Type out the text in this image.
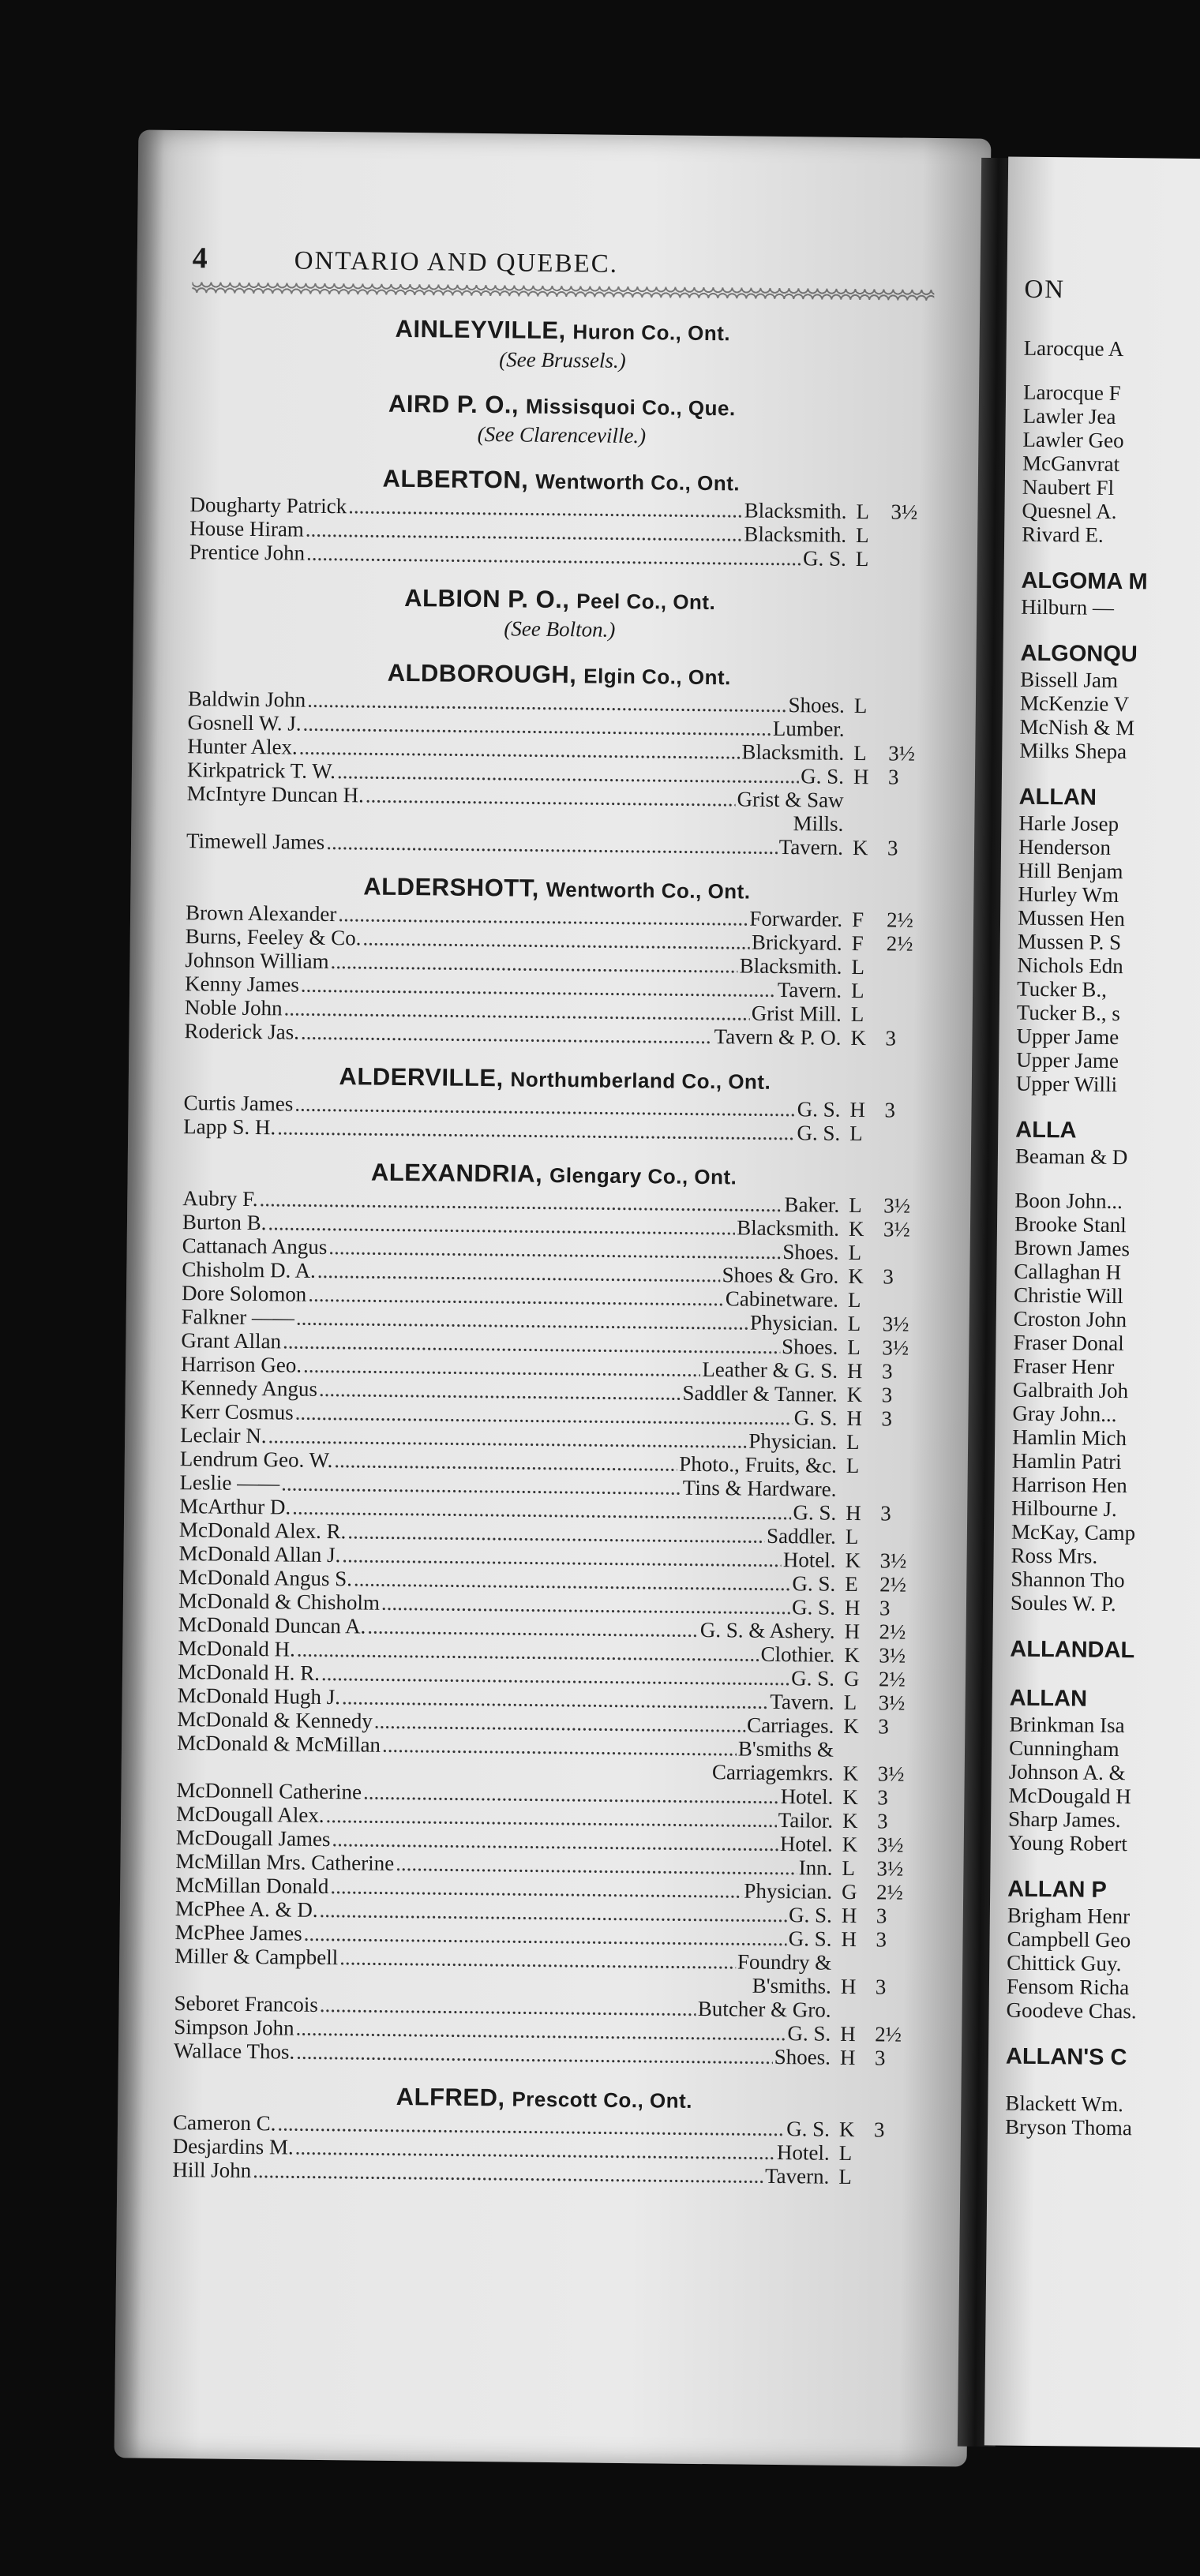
4	ONTARIO AND QUEBEC.
AINLEYVILLE, Huron Co., Ont.
(See Brussels.)
AIRD P. O., Missisquoi Co., Que.
(See Clarenceville.)
ALBERTON, Wentworth Co., Ont.
Dougharty Patrick .....	Blacksmith. L	3½
House Hiram .....	Blacksmith. L
Prentice John .....	G. S. L
ALBION P. O., Peel Co., Ont.
(See Bolton.)
ALDBOROUGH, Elgin Co., Ont.
Baldwin John .....	Shoes. L
Gosnell W. J. .....	Lumber.
Hunter Alex. .....	Blacksmith. L	3½
Kirkpatrick T. W. .....	G. S. H 3
McIntyre Duncan H. .....	Grist & Saw
Mills.
Timewell James .....	Tavern. K 3
ALDERSHOTT, Wentworth Co., Ont.
Brown Alexander .....	Forwarder. F	2½
Burns, Feeley & Co. .....	Brickyard. F	2½
Johnson William .....	Blacksmith. L
Kenny James .....	Tavern. L
Noble John .....	Grist Mill. L
Roderick Jas. .....	Tavern & P. O. K 3
ALDERVILLE, Northumberland Co., Ont.
Curtis James .....	G. S. H 3
Lapp S. H. .....	G. S. L
ALEXANDRIA, Glengary Co., Ont.
Aubry F. .....	Baker. L	3½
Burton B. .....	Blacksmith. K 3½
Cattanach Angus .....	Shoes. L
Chisholm D. A. .....	Shoes & Gro. K 3
Dore Solomon .....	Cabinetware. L
Falkner —— .....	Physician. L	3½
Grant Allan .....	Shoes. L	3½
Harrison Geo. .....	Leather & G. S. H 3
Kennedy Angus .....	Saddler & Tanner. K 3
Kerr Cosmus .....	G. S. H 3
Leclair N. .....	Physician. L
Lendrum Geo. W. .....	Photo., Fruits, &c. L
Leslie —— .....	Tins & Hardware.
McArthur D. .....	G. S. H 3
McDonald Alex. R. .....	Saddler. L
McDonald Allan J. .....	Hotel. K 3½
McDonald Angus S. .....	G. S. E	2½
McDonald & Chisholm .....	G. S. H 3
McDonald Duncan A. .....	G. S. & Ashery. H 2½
McDonald H. .....	Clothier. K 3½
McDonald H. R. .....	G. S. G 2½
McDonald Hugh J. .....	Tavern. L	3½
McDonald & Kennedy .....	Carriages. K 3
McDonald & McMillan .....	B'smiths &
Carriagemkrs. K 3½
McDonnell Catherine .....	Hotel. K 3
McDougall Alex. .....	Tailor. K 3
McDougall James .....	Hotel. K 3½
McMillan Mrs. Catherine .....	Inn. L	3½
McMillan Donald .....	Physician. G 2½
McPhee A. & D. .....	G. S. H 3
McPhee James .....	G. S. H 3
Miller & Campbell .....	Foundry &
B'smiths. H 3
Seboret Francois .....	Butcher & Gro.
Simpson John .....	G. S. H 2½
Wallace Thos. .....	Shoes. H 3
ALFRED, Prescott Co., Ont.
Cameron C. .....	G. S. K 3
Desjardins M. .....	Hotel. L
Hill John .....	Tavern. L
ON
Larocque A
Larocque F
Lawler Jea
Lawler Geo
McGanvrat
Naubert Fl
Quesnel A.
Rivard E.
ALGOMA M
Hilburn —
ALGONQU
Bissell Jam
McKenzie V
McNish & M
Milks Shepa
ALLAN
Harle Josep
Henderson
Hill Benjam
Hurley Wm
Mussen Hen
Mussen P. S
Nichols Edn
Tucker B.,
Tucker B., s
Upper Jame
Upper Jame
Upper Willi
ALLA
Beaman & D
Boon John...
Brooke Stanl
Brown James
Callaghan H
Christie Will
Croston John
Fraser Donal
Fraser Henr
Galbraith Joh
Gray John...
Hamlin Mich
Hamlin Patri
Harrison Hen
Hilbourne J.
McKay, Camp
Ross Mrs.
Shannon Tho
Soules W. P.
ALLANDAL
ALLAN
Brinkman Isa
Cunningham
Johnson A. &
McDougald H
Sharp James.
Young Robert
ALLAN P
Brigham Henr
Campbell Geo
Chittick Guy.
Fensom Richa
Goodeve Chas.
ALLAN'S C
Blackett Wm.
Bryson Thoma
